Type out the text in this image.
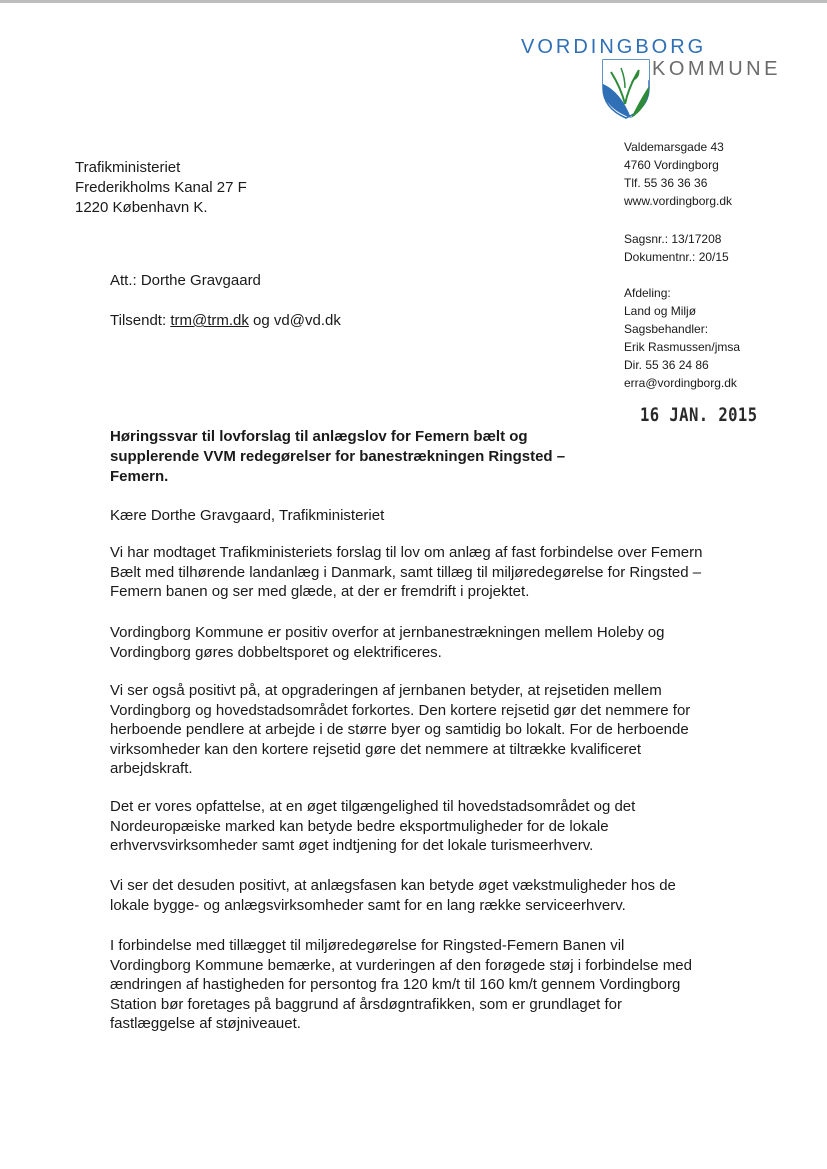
VORDINGBORG
KOMMUNE
Trafikministeriet
Frederikholms Kanal 27 F
1220 København K.
Att.: Dorthe Gravgaard
Tilsendt: trm@trm.dk og vd@vd.dk
Valdemarsgade 43
4760 Vordingborg
Tlf. 55 36 36 36
www.vordingborg.dk
Sagsnr.: 13/17208
Dokumentnr.: 20/15
Afdeling:
Land og Miljø
Sagsbehandler:
Erik Rasmussen/jmsa
Dir. 55 36 24 86
erra@vordingborg.dk
16 JAN. 2015
Høringssvar til lovforslag til anlægslov for Femern bælt og
supplerende VVM redegørelser for banestrækningen Ringsted –
Femern.
Kære Dorthe Gravgaard, Trafikministeriet
Vi har modtaget Trafikministeriets forslag til lov om anlæg af fast forbindelse over Femern
Bælt med tilhørende landanlæg i Danmark, samt tillæg til miljøredegørelse for Ringsted –
Femern banen og ser med glæde, at der er fremdrift i projektet.
Vordingborg Kommune er positiv overfor at jernbanestrækningen mellem Holeby og
Vordingborg gøres dobbeltsporet og elektrificeres.
Vi ser også positivt på, at opgraderingen af jernbanen betyder, at rejsetiden mellem
Vordingborg og hovedstadsområdet forkortes. Den kortere rejsetid gør det nemmere for
herboende pendlere at arbejde i de større byer og samtidig bo lokalt. For de herboende
virksomheder kan den kortere rejsetid gøre det nemmere at tiltrække kvalificeret
arbejdskraft.
Det er vores opfattelse, at en øget tilgængelighed til hovedstadsområdet og det
Nordeuropæiske marked kan betyde bedre eksportmuligheder for de lokale
erhvervsvirksomheder samt øget indtjening for det lokale turismeerhverv.
Vi ser det desuden positivt, at anlægsfasen kan betyde øget vækstmuligheder hos de
lokale bygge- og anlægsvirksomheder samt for en lang række serviceerhverv.
I forbindelse med tillægget til miljøredegørelse for Ringsted-Femern Banen vil
Vordingborg Kommune bemærke, at vurderingen af den forøgede støj i forbindelse med
ændringen af hastigheden for persontog fra 120 km/t til 160 km/t gennem Vordingborg
Station bør foretages på baggrund af årsdøgntrafikken, som er grundlaget for
fastlæggelse af støjniveauet.
